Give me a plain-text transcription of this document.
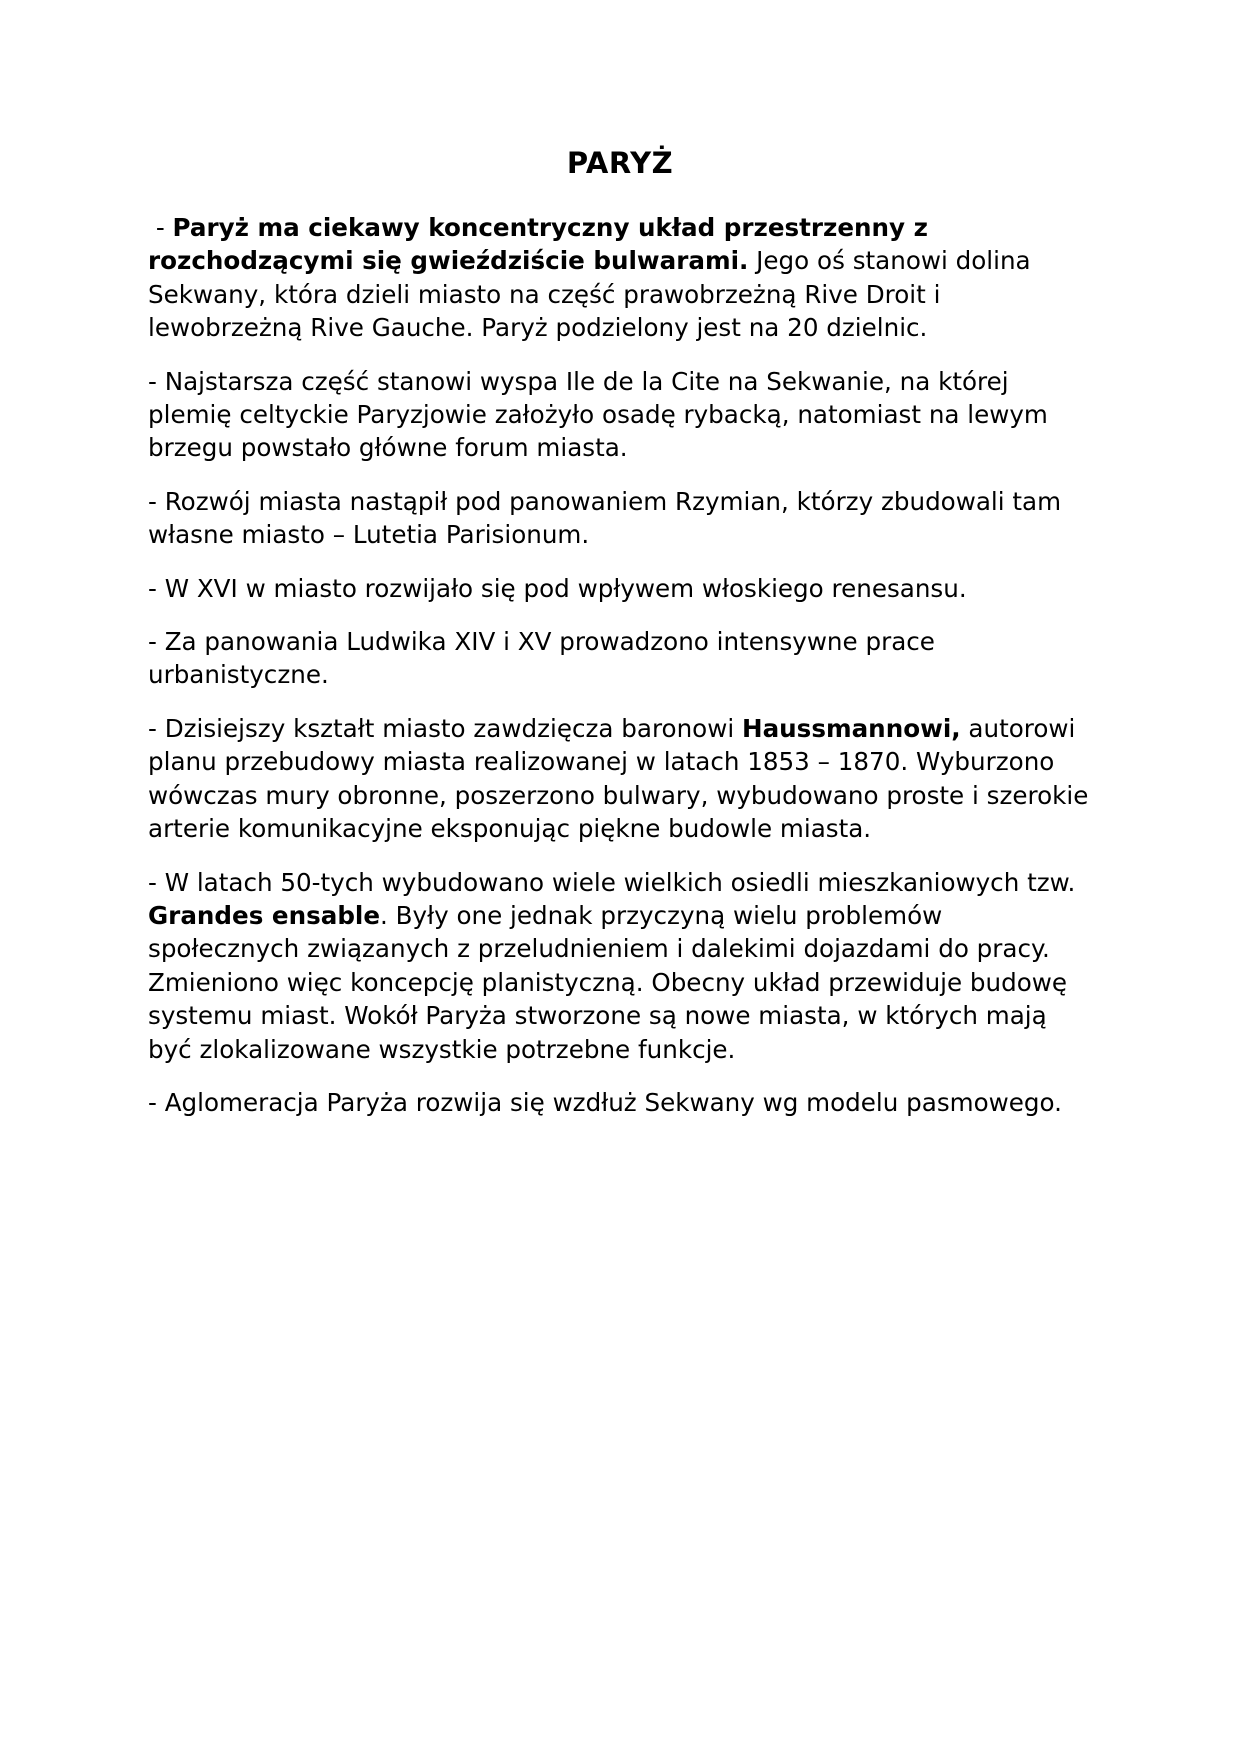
PARYŻ

- Paryż ma ciekawy koncentryczny układ przestrzenny z rozchodzącymi się gwieździście bulwarami. Jego oś stanowi dolina Sekwany, która dzieli miasto na część prawobrzeżną Rive Droit i lewobrzeżną Rive Gauche. Paryż podzielony jest na 20 dzielnic.

- Najstarsza część stanowi wyspa Ile de la Cite na Sekwanie, na której plemię celtyckie Paryzjowie założyło osadę rybacką, natomiast na lewym brzegu powstało główne forum miasta.

- Rozwój miasta nastąpił pod panowaniem Rzymian, którzy zbudowali tam własne miasto – Lutetia Parisionum.

- W XVI w miasto rozwijało się pod wpływem włoskiego renesansu.

- Za panowania Ludwika XIV i XV prowadzono intensywne prace urbanistyczne.

- Dzisiejszy kształt miasto zawdzięcza baronowi Haussmannowi, autorowi planu przebudowy miasta realizowanej w latach 1853 – 1870. Wyburzono wówczas mury obronne, poszerzono bulwary, wybudowano proste i szerokie arterie komunikacyjne eksponując piękne budowle miasta.

- W latach 50-tych wybudowano wiele wielkich osiedli mieszkaniowych tzw. Grandes ensable. Były one jednak przyczyną wielu problemów społecznych związanych z przeludnieniem i dalekimi dojazdami do pracy. Zmieniono więc koncepcję planistyczną. Obecny układ przewiduje budowę systemu miast. Wokół Paryża stworzone są nowe miasta, w których mają być zlokalizowane wszystkie potrzebne funkcje.

- Aglomeracja Paryża rozwija się wzdłuż Sekwany wg modelu pasmowego.
